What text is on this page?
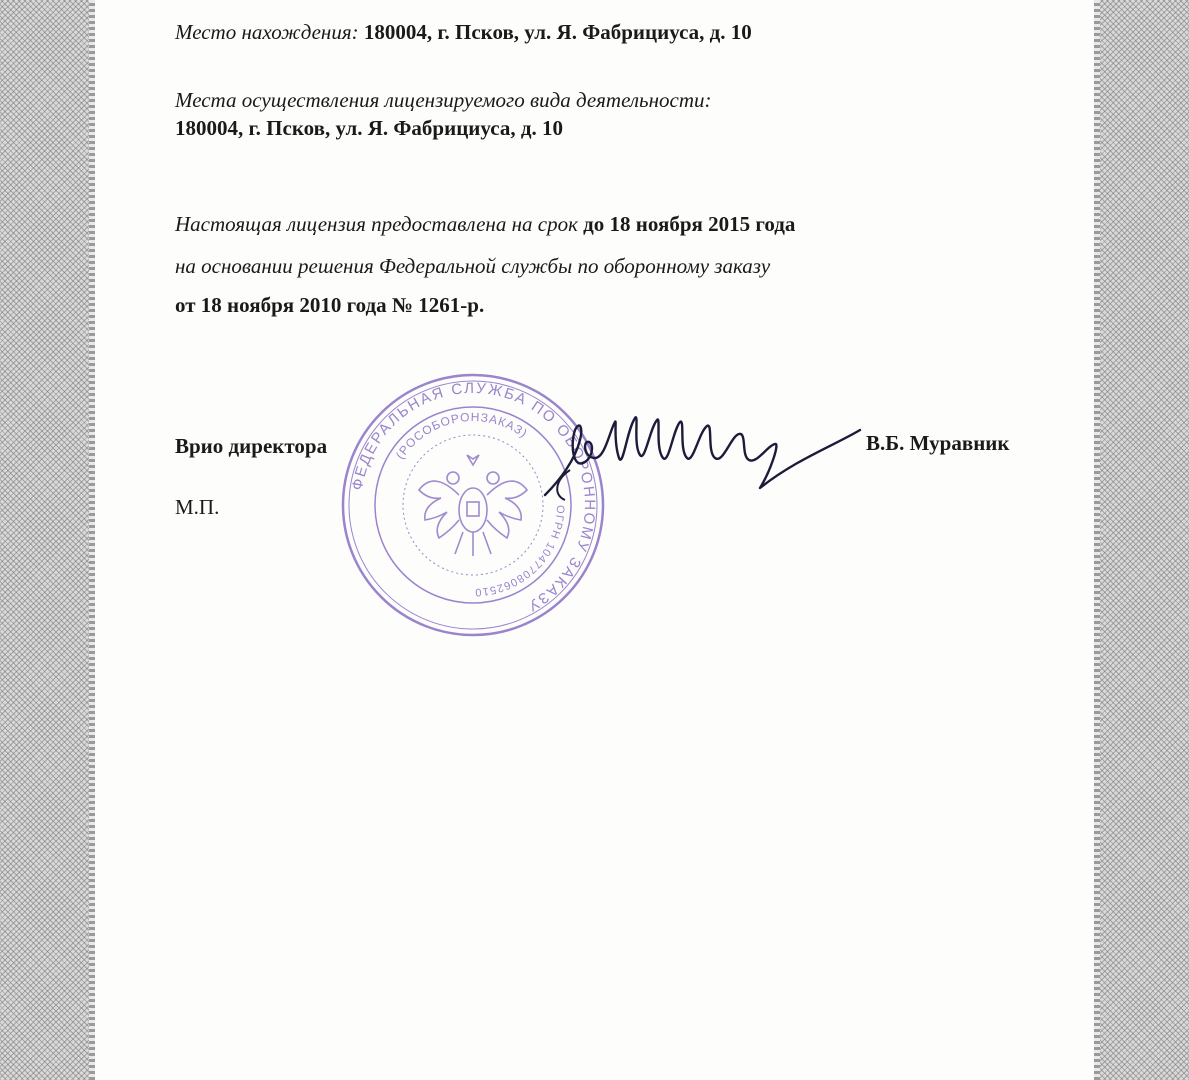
Место нахождения: 180004, г. Псков, ул. Я. Фабрициуса, д. 10
Места осуществления лицензируемого вида деятельности:
180004, г. Псков, ул. Я. Фабрициуса, д. 10
Настоящая лицензия предоставлена на срок до 18 ноября 2015 года
на основании решения Федеральной службы по оборонному заказу
от 18 ноября 2010 года № 1261-р.
Врио директора	В.Б. Муравник
М.П.
ФЕДЕРАЛЬНАЯ СЛУЖБА ПО ОБОРОННОМУ ЗАКАЗУ
(РОСОБОРОНЗАКАЗ)
ОГРН 1047708062510
